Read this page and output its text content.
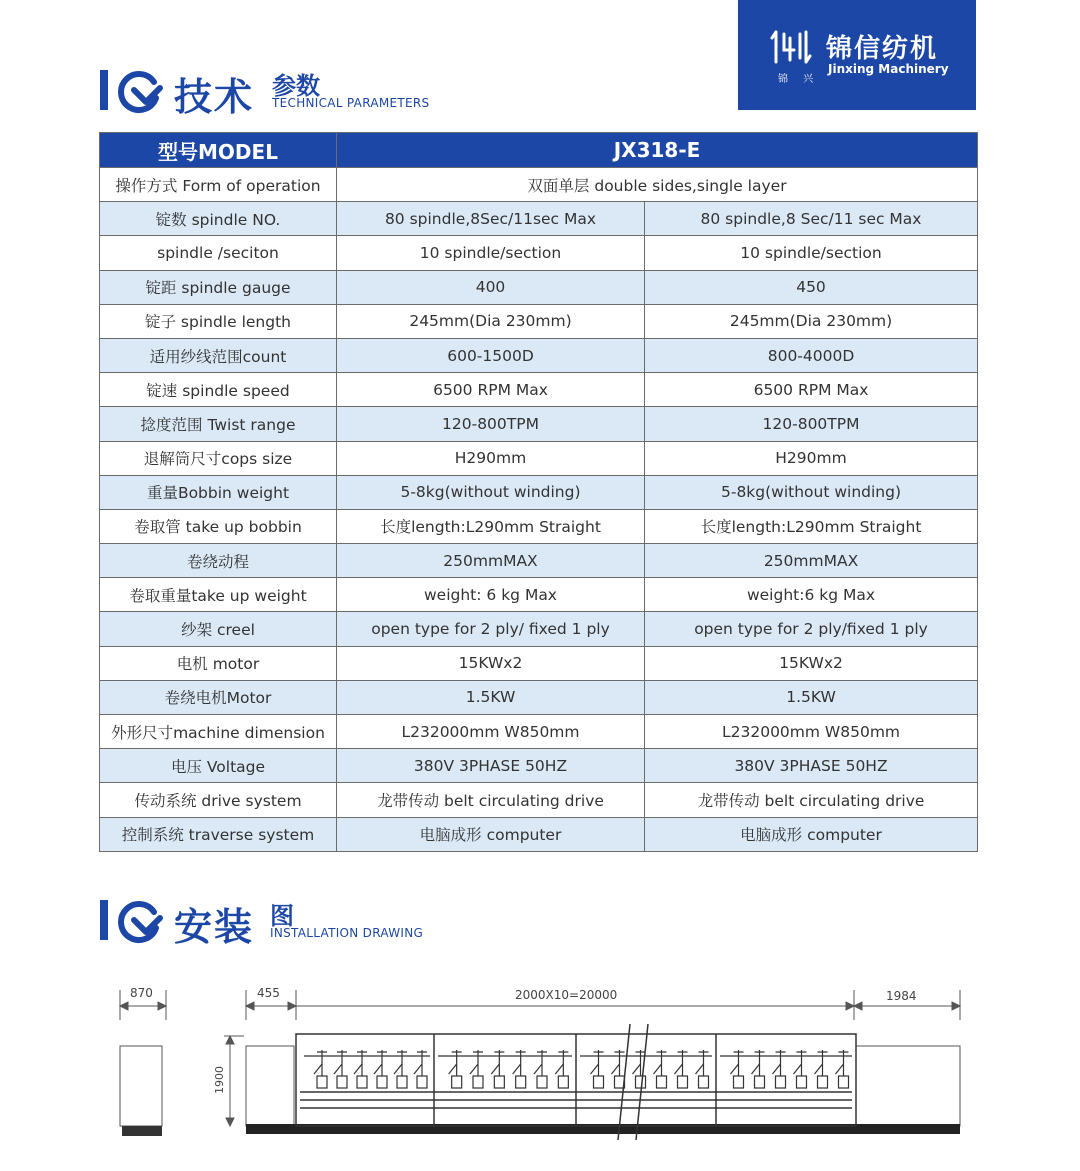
锦 兴
锦信纺机
Jinxing Machinery
技术 参数
TECHNICAL PARAMETERS
型号MODEL	JX318-E	
操作方式 Form of operation	双面单层 double sides,single layer	
锭数 spindle NO.	80 spindle,8Sec/11sec Max	80 spindle,8 Sec/11 sec Max
spindle /seciton	10 spindle/section	10 spindle/section
锭距 spindle gauge	400	450
锭子 spindle length	245mm(Dia 230mm)	245mm(Dia 230mm)
适用纱线范围count	600-1500D	800-4000D
锭速 spindle speed	6500 RPM Max	6500 RPM Max
捻度范围 Twist range	120-800TPM	120-800TPM
退解筒尺寸cops size	H290mm	H290mm
重量Bobbin weight	5-8kg(without winding)	5-8kg(without winding)
卷取管 take up bobbin	长度length:L290mm Straight	长度length:L290mm Straight
卷绕动程	250mmMAX	250mmMAX
卷取重量take up weight	weight: 6 kg Max	weight:6 kg Max
纱架 creel	open type for 2 ply/ fixed 1 ply	open type for 2 ply/fixed 1 ply
电机 motor	15KWx2	15KWx2
卷绕电机Motor	1.5KW	1.5KW
外形尺寸machine dimension	L232000mm W850mm	L232000mm W850mm
电压 Voltage	380V 3PHASE 50HZ	380V 3PHASE 50HZ
传动系统 drive system	龙带传动 belt circulating drive	龙带传动 belt circulating drive
控制系统 traverse system	电脑成形 computer	电脑成形 computer
安装 图
INSTALLATION DRAWING
870	455	2000X10=20000	1984
1900
